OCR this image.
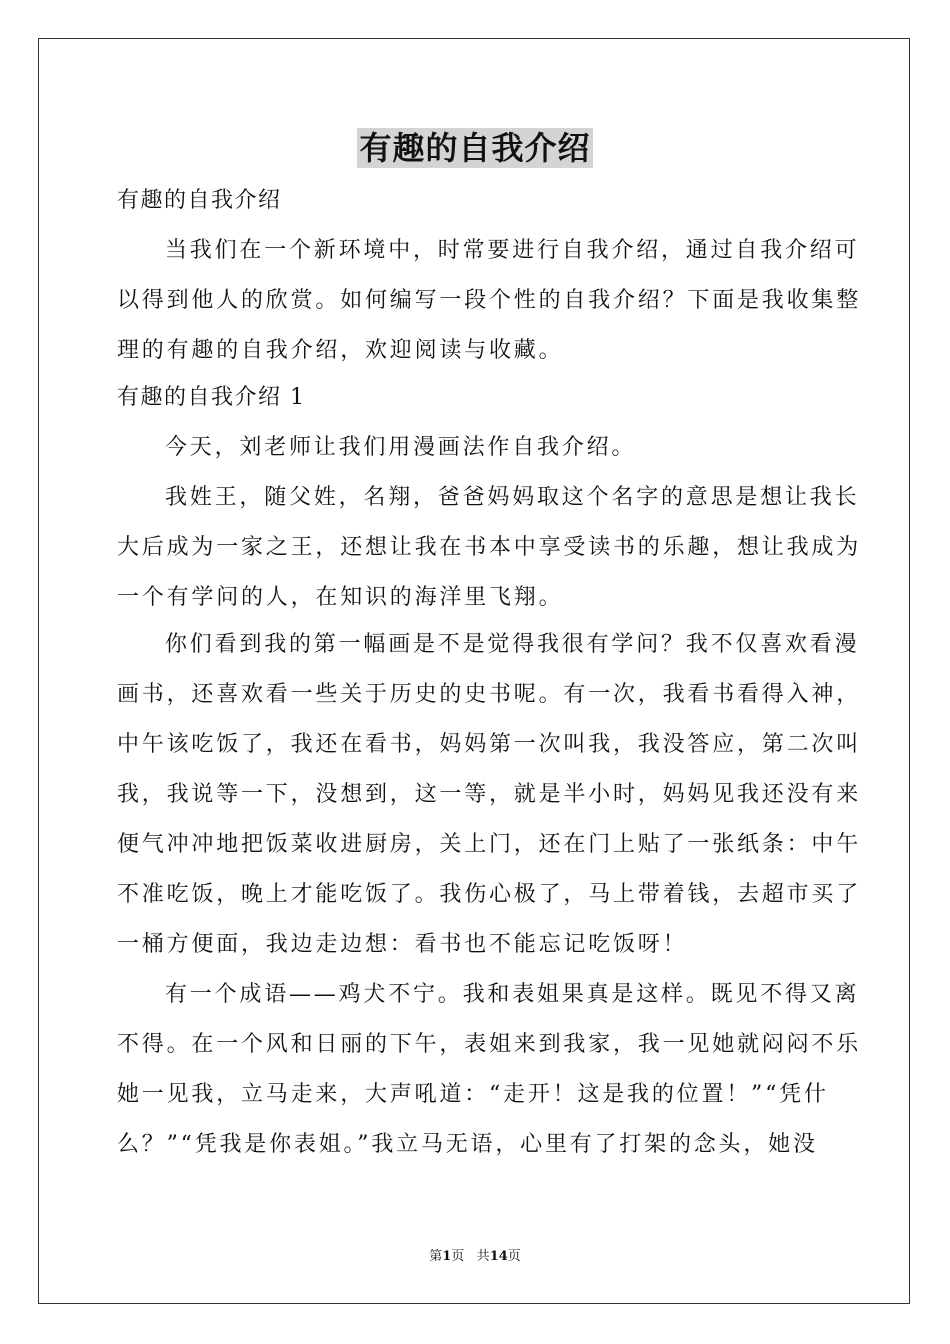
有趣的自我介绍
有趣的自我介绍
当我们在一个新环境中，时常要进行自我介绍，通过自我介绍可
以得到他人的欣赏。如何编写一段个性的自我介绍？下面是我收集整
理的有趣的自我介绍，欢迎阅读与收藏。
有趣的自我介绍 1
今天，刘老师让我们用漫画法作自我介绍。
我姓王，随父姓，名翔，爸爸妈妈取这个名字的意思是想让我长
大后成为一家之王，还想让我在书本中享受读书的乐趣，想让我成为
一个有学问的人，在知识的海洋里飞翔。
你们看到我的第一幅画是不是觉得我很有学问？我不仅喜欢看漫
画书，还喜欢看一些关于历史的史书呢。有一次，我看书看得入神，
中午该吃饭了，我还在看书，妈妈第一次叫我，我没答应，第二次叫
我，我说等一下，没想到，这一等，就是半小时，妈妈见我还没有来
便气冲冲地把饭菜收进厨房，关上门，还在门上贴了一张纸条：中午
不准吃饭，晚上才能吃饭了。我伤心极了，马上带着钱，去超市买了
一桶方便面，我边走边想：看书也不能忘记吃饭呀！
有一个成语——鸡犬不宁。我和表姐果真是这样。既见不得又离
不得。在一个风和日丽的下午，表姐来到我家，我一见她就闷闷不乐
她一见我，立马走来，大声吼道：“走开！这是我的位置！”“凭什
么？”“凭我是你表姐。”我立马无语，心里有了打架的念头，她没
第1页 共14页
